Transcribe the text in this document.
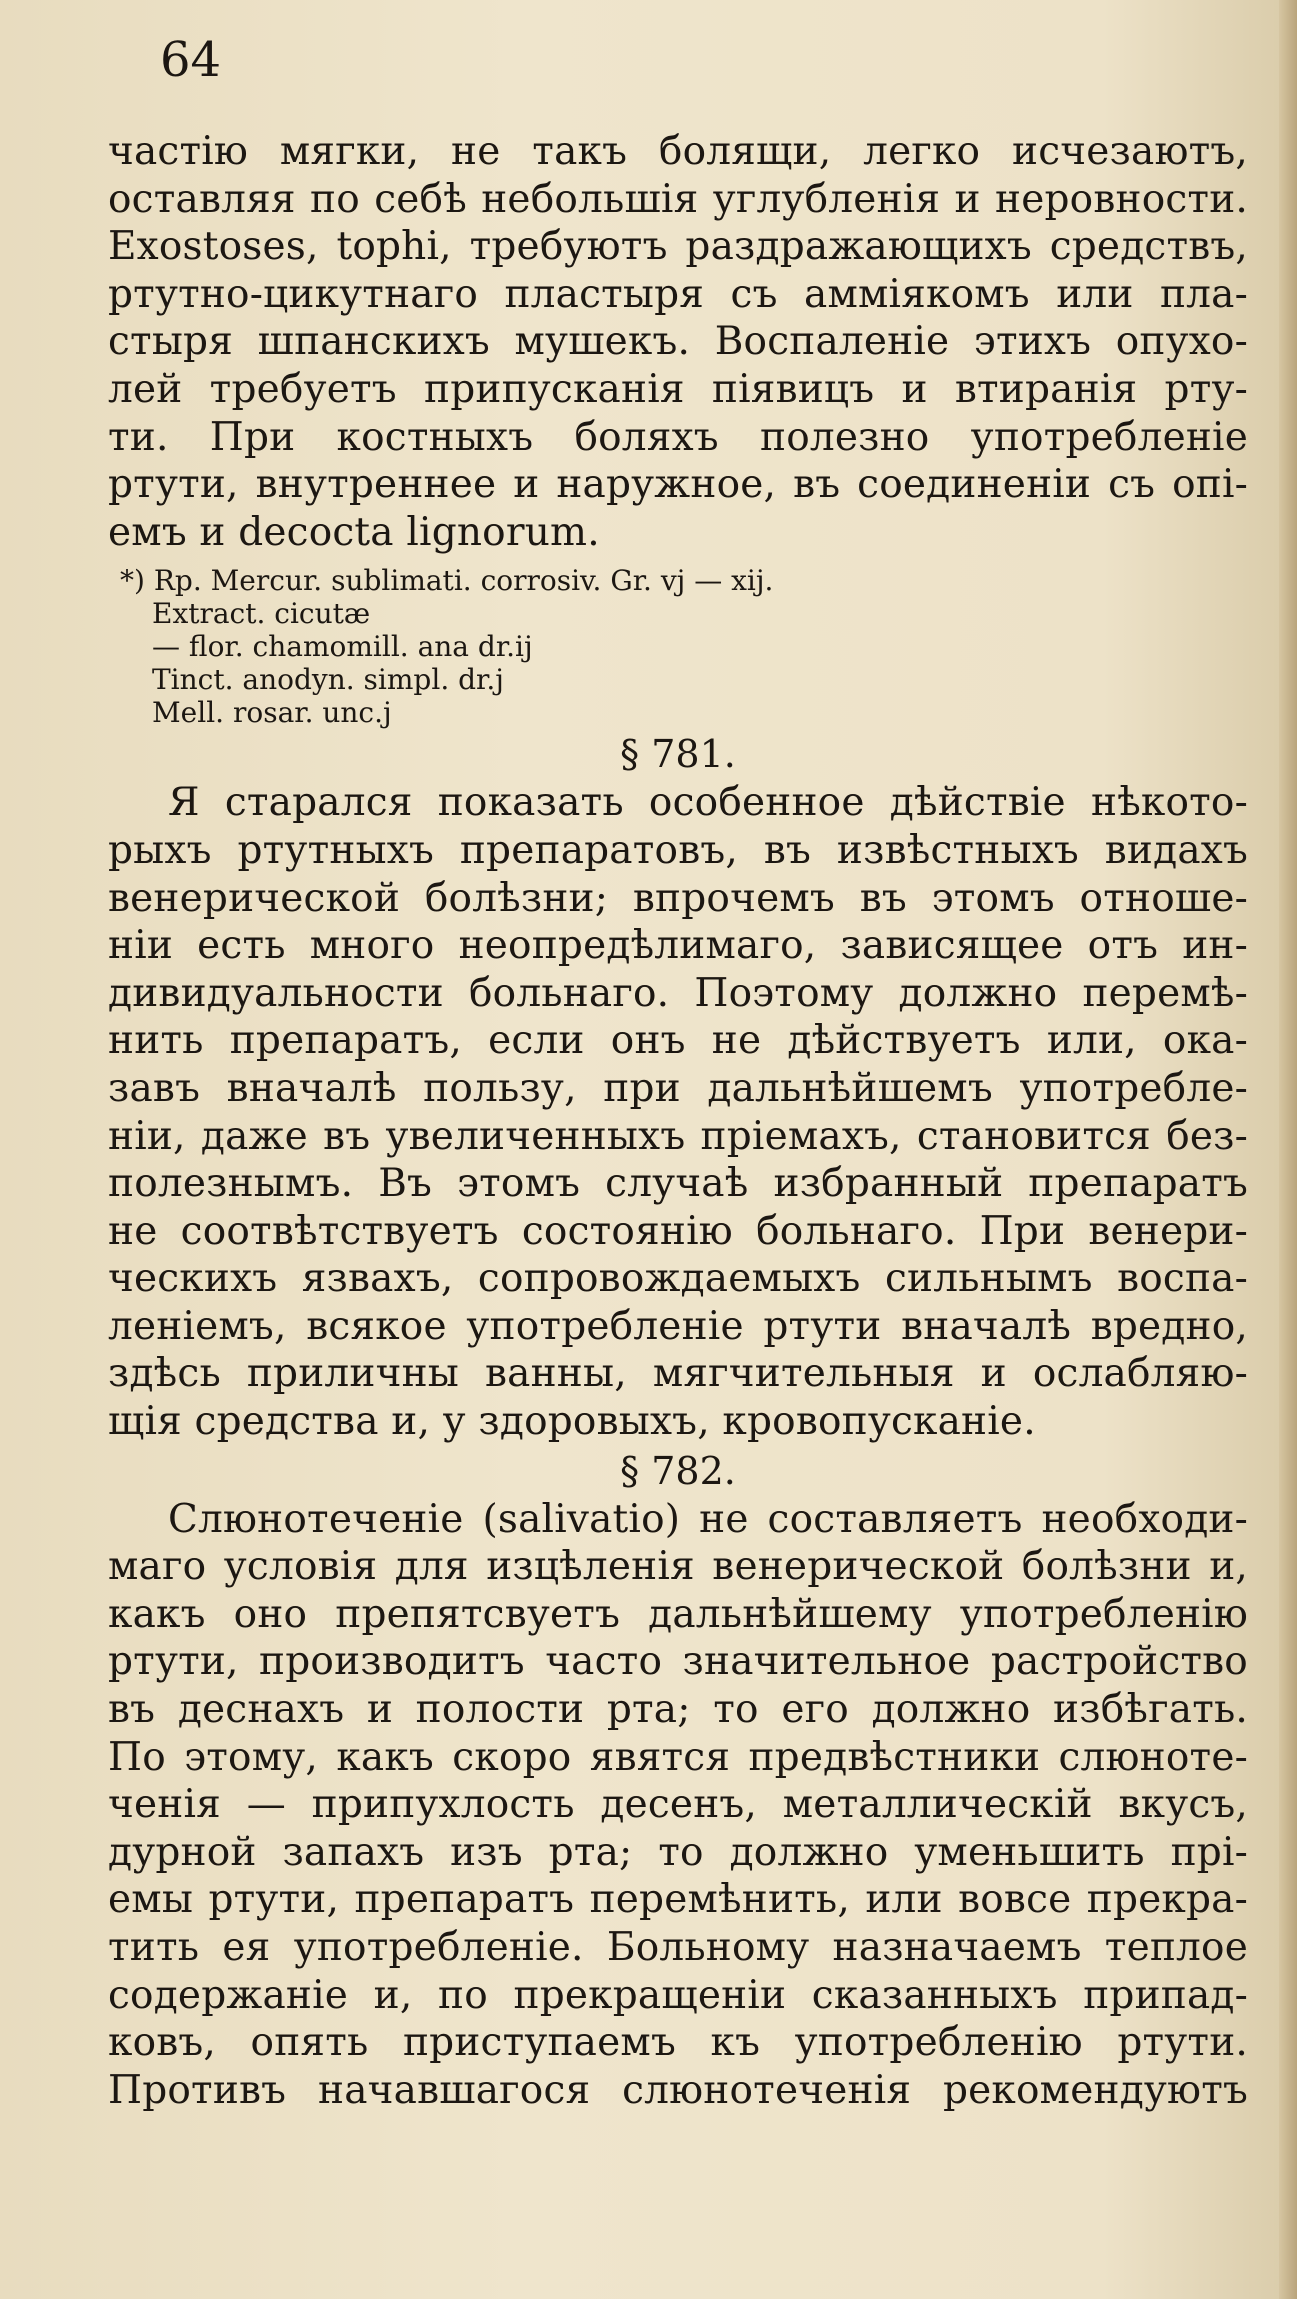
64
частію мягки, не такъ болящи, легко исчезаютъ,
оставляя по себѣ небольшія углубленія и неровности.
Exostoses, tophi, требуютъ раздражающихъ средствъ,
ртутно-цикутнаго пластыря съ амміякомъ или пла-
стыря шпанскихъ мушекъ. Воспаленіе этихъ опухо-
лей требуетъ припусканія піявицъ и втиранія рту-
ти. При костныхъ боляхъ полезно употребленіе
ртути, внутреннее и наружное, въ соединеніи съ опі-
емъ и decocta lignorum.
*) Rp. Mercur. sublimati. corrosiv. Gr. vj — xij.
Extract. cicutæ
— flor. chamomill. ana dr.ij
Tinct. anodyn. simpl. dr.j
Mell. rosar. unc.j
§ 781.
Я старался показать особенное дѣйствіе нѣкото-
рыхъ ртутныхъ препаратовъ, въ извѣстныхъ видахъ
венерической болѣзни; впрочемъ въ этомъ отноше-
ніи есть много неопредѣлимаго, зависящее отъ ин-
дивидуальности больнаго. Поэтому должно перемѣ-
нить препаратъ, если онъ не дѣйствуетъ или, ока-
завъ вначалѣ пользу, при дальнѣйшемъ употребле-
ніи, даже въ увеличенныхъ пріемахъ, становится без-
полезнымъ. Въ этомъ случаѣ избранный препаратъ
не соотвѣтствуетъ состоянію больнаго. При венери-
ческихъ язвахъ, сопровождаемыхъ сильнымъ воспа-
леніемъ, всякое употребленіе ртути вначалѣ вредно,
здѣсь приличны ванны, мягчительныя и ослабляю-
щія средства и, у здоровыхъ, кровопусканіе.
§ 782.
Слюнотеченіе (salivatio) не составляетъ необходи-
маго условія для изцѣленія венерической болѣзни и,
какъ оно препятсвуетъ дальнѣйшему употребленію
ртути, производитъ часто значительное растройство
въ деснахъ и полости рта; то его должно избѣгать.
По этому, какъ скоро явятся предвѣстники слюноте-
ченія — припухлость десенъ, металлическій вкусъ,
дурной запахъ изъ рта; то должно уменьшить прі-
емы ртути, препаратъ перемѣнить, или вовсе прекра-
тить ея употребленіе. Больному назначаемъ теплое
содержаніе и, по прекращеніи сказанныхъ припад-
ковъ, опять приступаемъ къ употребленію ртути.
Противъ начавшагося слюнотеченія рекомендуютъ
